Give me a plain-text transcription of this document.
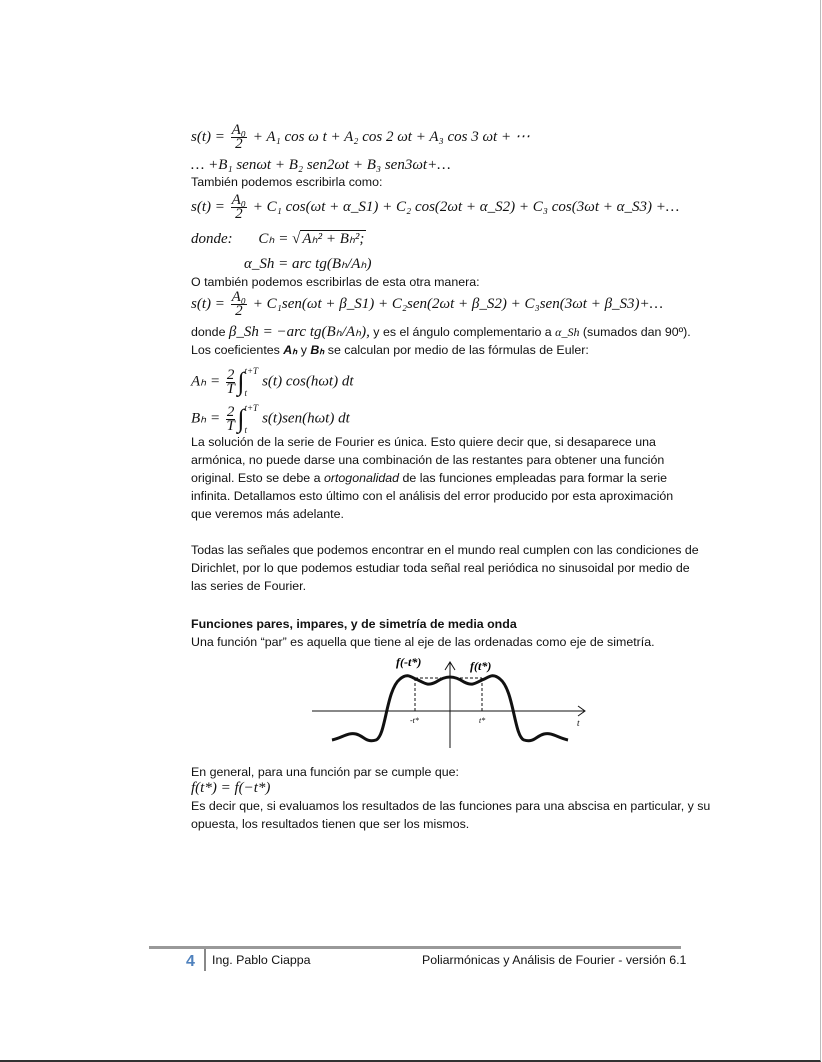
$s(t) = \frac{\text{A₀}}{2} + A_1$ cos ω t + A₂ cos 2 ωt + A₃ cos 3 ωt + ⋯
… +B₁ senωt + B₂ sen2ωt + B₃ sen3ωt+…
También podemos escribirla como:
$s(t) = \frac{\text{A₀}}{2} + C_1$ cos(ωt + α_S1) + C₂ cos(2ωt + α_S2) + C₃ cos(3ωt + α_S3) +…
donde: Cₕ = √ Aₕ² + Bₕ²;
α_Sh = arc tg(Bₕ/Aₕ)
O también podemos escribirlas de esta otra manera:
$s(t) = \frac{\text{A₀}}{2} + C_1sen(\omega t$ + β_S1) + C₂sen(2ωt + β_S2) + C₃sen(3ωt + β_S3)+…
donde β_Sh = −arc tg(Bₕ/Aₕ), y es el ángulo complementario a α_Sh (sumados dan 90º).
Los coeficientes Aₕ y Bₕ se calculan por medio de las fórmulas de Euler:
$A_h = \frac{2}{T}$ ∫ t+T
t
s(t) cos(hωt) dt
$B_h = \frac{2}{T}$ ∫ t+T
t
s(t)sen(hωt) dt
La solución de la serie de Fourier es única. Esto quiere decir que, si desaparece una
armónica, no puede darse una combinación de las restantes para obtener una función
original. Esto se debe a ortogonalidad de las funciones empleadas para formar la serie
infinita. Detallamos esto último con el análisis del error producido por esta aproximación
que veremos más adelante.
Todas las señales que podemos encontrar en el mundo real cumplen con las condiciones de
Dirichlet, por lo que podemos estudiar toda señal real periódica no sinusoidal por medio de
las series de Fourier.
Funciones pares, impares, y de simetría de media onda
Una función “par” es aquella que tiene al eje de las ordenadas como eje de simetría.
f(-t*)	f(t*)
-t*	t*	t
En general, para una función par se cumple que:
f(t*) = f(−t*)
Es decir que, si evaluamos los resultados de las funciones para una abscisa en particular, y su
opuesta, los resultados tienen que ser los mismos.
4 Ing. Pablo Ciappa	Poliarmónicas y Análisis de Fourier - versión 6.1
